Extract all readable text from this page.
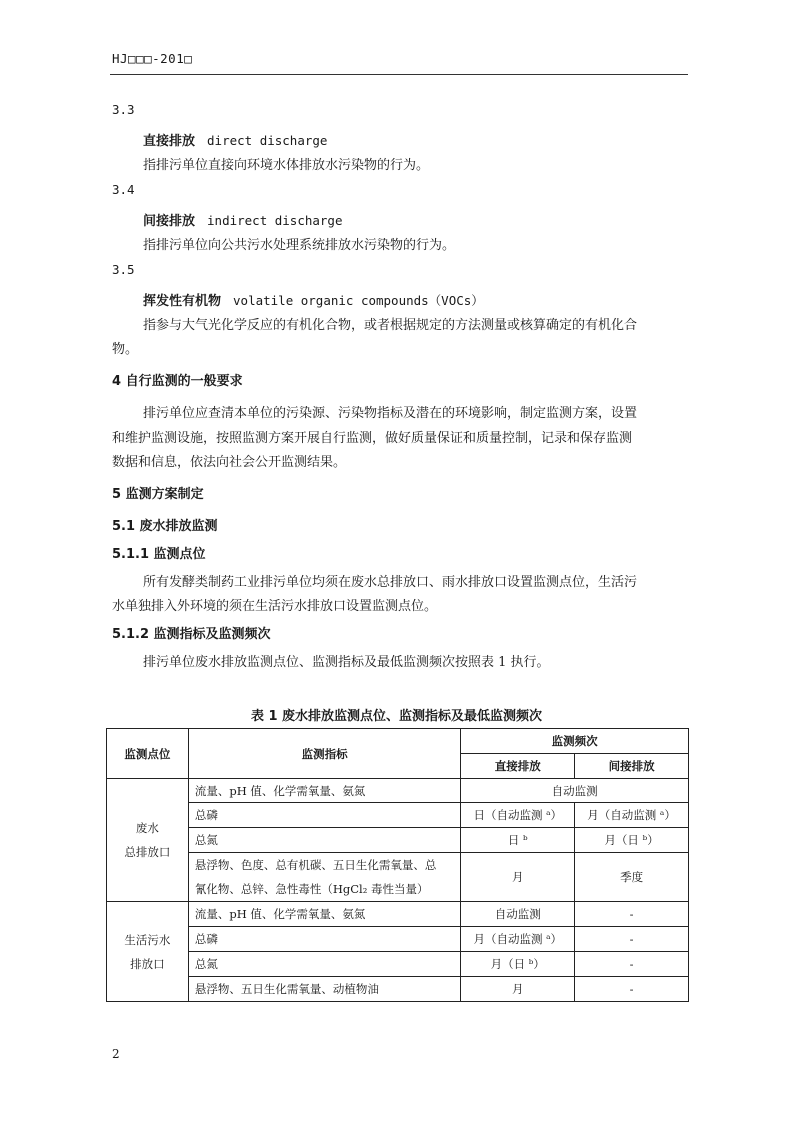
HJ□□□-201□
3.3
直接排放 direct discharge
指排污单位直接向环境水体排放水污染物的行为。
3.4
间接排放 indirect discharge
指排污单位向公共污水处理系统排放水污染物的行为。
3.5
挥发性有机物 volatile organic compounds（VOCs）
指参与大气光化学反应的有机化合物，或者根据规定的方法测量或核算确定的有机化合
物。
4 自行监测的一般要求
排污单位应查清本单位的污染源、污染物指标及潜在的环境影响，制定监测方案，设置
和维护监测设施，按照监测方案开展自行监测，做好质量保证和质量控制，记录和保存监测
数据和信息，依法向社会公开监测结果。
5 监测方案制定
5.1 废水排放监测
5.1.1 监测点位
所有发酵类制药工业排污单位均须在废水总排放口、雨水排放口设置监测点位，生活污
水单独排入外环境的须在生活污水排放口设置监测点位。
5.1.2 监测指标及监测频次
排污单位废水排放监测点位、监测指标及最低监测频次按照表 1 执行。
表 1 废水排放监测点位、监测指标及最低监测频次
监测点位	监测指标	监测频次	
		直接排放	间接排放

废水
总排放口	流量、pH 值、化学需氧量、氨氮	自动监测	
	总磷	日（自动监测 ᵃ）	月（自动监测 ᵃ）
	总氮	日 ᵇ	月（日 ᵇ）

	悬浮物、色度、总有机碳、五日生化需氧量、总
氰化物、总锌、急性毒性（HgCl₂ 毒性当量）	月	季度

生活污水
排放口	流量、pH 值、化学需氧量、氨氮	自动监测	-
	总磷	月（自动监测 ᵃ）	-
	总氮	月（日 ᵇ）	-
	悬浮物、五日生化需氧量、动植物油	月	-
2
